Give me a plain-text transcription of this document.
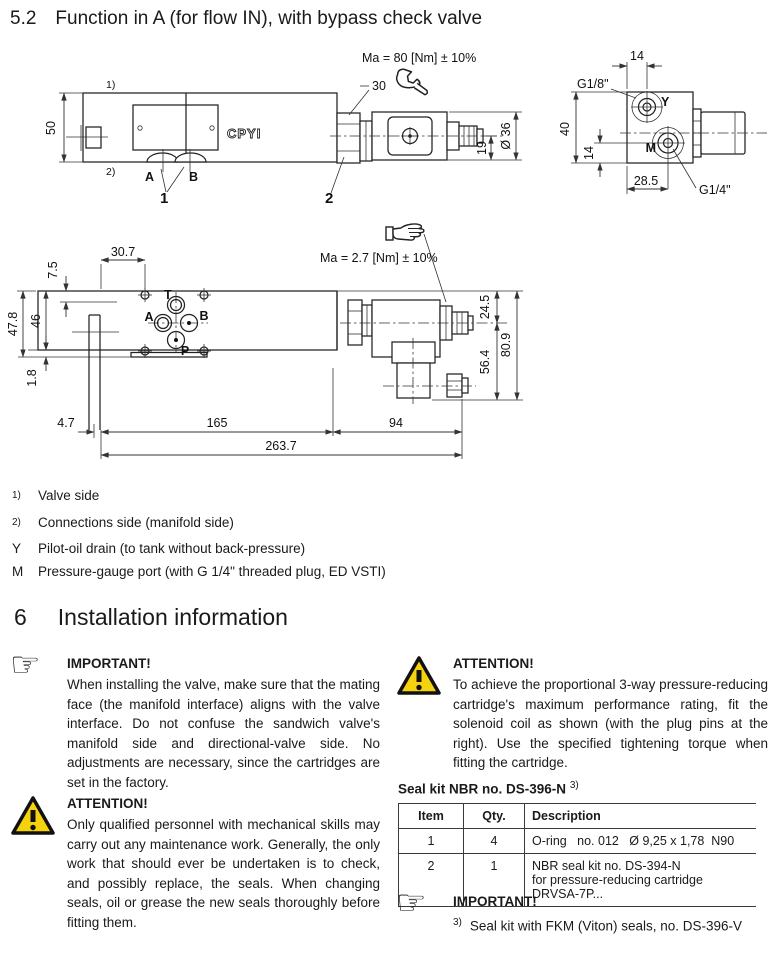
5.2 Function in A (for flow IN), with bypass check valve
CPYI
1)
2) A	B
1	2
30
Ma = 80 [Nm] ± 10%
50
19 Ø 36
14
G1/8"
Y
40
14	M
28.5
G1/4"
T
A	B
P
Ma = 2.7 [Nm] ± 10%
30.7
7.5
47.8 46
1.8
24.5
56.4
80.9
4.7	165	94
263.7
$^{1)}$	Valve side
$^{2)}$	Connections side (manifold side)
Y	Pilot-oil drain (to tank without back-pressure)
M	Pressure-gauge port (with G 1/4" threaded plug, ED VSTI)
6 Installation information
☞	IMPORTANT!
When installing the valve, make sure that the mating face (the manifold interface) aligns with the valve interface. Do not confuse the sandwich valve's manifold side and directional-valve side. No adjustments are necessary, since the cartridges are set in the factory.
ATTENTION!
Only qualified personnel with mechanical skills may carry out any maintenance work. Generally, the only work that should ever be undertaken is to check, and possibly replace, the seals. When changing seals, oil or grease the new seals thoroughly before fitting them.
ATTENTION!
To achieve the proportional 3-way pressure-reducing cartridge's maximum performance rating, fit the solenoid coil as shown (with the plug pins at the right). Use the specified tightening torque when fitting the cartridge.
Seal kit NBR no. DS-396-N $^{3)}$
Item	Qty.	Description
1	4	O-ring   no. 012   Ø 9,25 x 1,78  N90

2	1	NBR seal kit no. DS-394-N
for pressure-reducing cartridge DRVSA-7P...
☞	IMPORTANT!
$^{3)}$ Seal kit with FKM (Viton) seals, no. DS-396-V
